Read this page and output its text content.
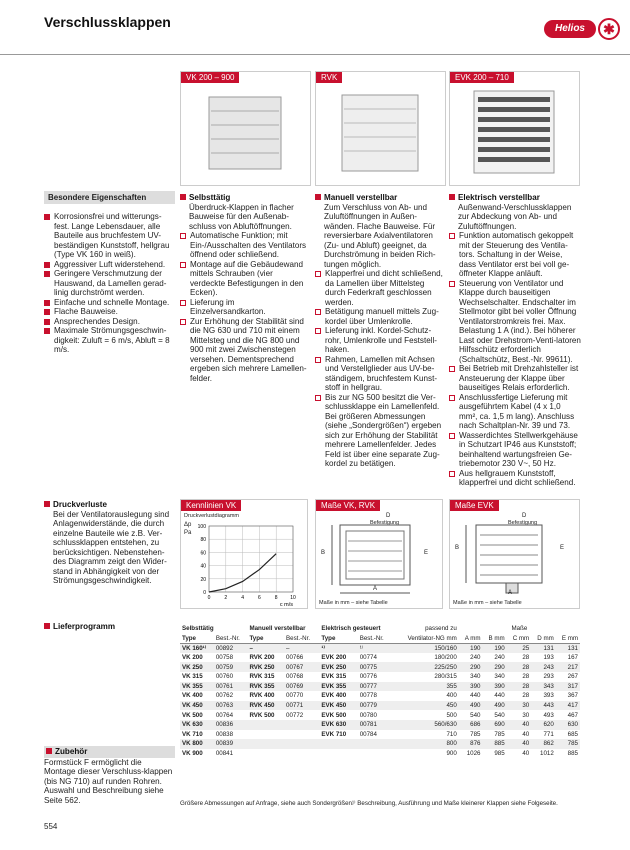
Verschlussklappen	Helios	✱
VK 200 – 900	RVK	EVK 200 – 710
Besondere Eigenschaften
Korrosionsfrei und witterungs-fest. Lange Lebensdauer, alle Bauteile aus bruchfestem UV-beständigen Kunststoff, hellgrau (Type VK 160 in weiß).
Aggressiver Luft widerstehend.
Geringere Verschmutzung der Hauswand, da Lamellen gerad-linig durchströmt werden.
Einfache und schnelle Montage.
Flache Bauweise.
Ansprechendes Design.
Maximale Strömungsgeschwin-digkeit: Zuluft = 6 m/s, Abluft = 8 m/s.
Selbsttätig
Überdruck-Klappen in flacher Bauweise für den Außenab-schluss von Abluftöffnungen.
Automatische Funktion; mit Ein-/Ausschalten des Ventilators öffnend oder schließend.
Montage auf die Gebäudewand mittels Schrauben (vier verdeckte Befestigungen in den Ecken).
Lieferung im Einzelversandkarton.
Zur Erhöhung der Stabilität sind die NG 630 und 710 mit einem Mittelsteg und die NG 800 und 900 mit zwei Zwischenstegen versehen. Dementsprechend ergeben sich mehrere Lamellen-felder.
Manuell verstellbar
Zum Verschluss von Ab- und Zuluftöffnungen in Außen-wänden. Flache Bauweise. Für reversierbare Axialventilatoren (Zu- und Abluft) geeignet, da Durchströmung in beiden Rich-tungen möglich.
Klapperfrei und dicht schließend, da Lamellen über Mittelsteg durch Federkraft geschlossen werden.
Betätigung manuell mittels Zug-kordel über Umlenkrolle.
Lieferung inkl. Kordel-Schutz-rohr, Umlenkrolle und Feststell-haken.
Rahmen, Lamellen mit Achsen und Verstellglieder aus UV-be-ständigem, bruchfestem Kunst-stoff in hellgrau.
Bis zur NG 500 besitzt die Ver-schlussklappe ein Lamellenfeld. Bei größeren Abmessungen (siehe „Sondergrößen“) ergeben sich zur Erhöhung der Stabilität mehrere Lamellenfelder. Jedes Feld ist über eine separate Zug-kordel zu betätigen.
Elektrisch verstellbar
Außenwand-Verschlussklappen zur Abdeckung von Ab- und Zuluftöffnungen.
Funktion automatisch gekoppelt mit der Steuerung des Ventila-tors. Schaltung in der Weise, dass Ventilator erst bei voll ge-öffneter Klappe anläuft.
Steuerung von Ventilator und Klappe durch bauseitigen Wechselschalter. Endschalter im Stellmotor gibt bei voller Öffnung Ventilatorstromkreis frei. Max. Belastung 1 A (ind.). Bei höherer Last oder Drehstrom-Venti-latoren Hilfsschütz erforderlich (Schaltschütz, Best.-Nr. 99611).
Bei Betrieb mit Drehzahlsteller ist Ansteuerung der Klappe über bauseitiges Relais erforderlich.
Anschlussfertige Lieferung mit ausgeführtem Kabel (4 x 1,0 mm², ca. 1,5 m lang). Anschluss nach Schaltplan-Nr. 39 und 73.
Wasserdichtes Stellwerkgehäuse in Schutzart IP46 aus Kunststoff; beinhaltend wartungsfreien Ge-triebemotor 230 V~, 50 Hz.
Aus hellgrauem Kunststoff, klapperfrei und dicht schließend.
Druckverluste
Bei der Ventilatorauslegung sind Anlagenwiderstände, die durch einzelne Bauteile wie z.B. Ver-schlussklappen entstehen, zu berücksichtigen. Nebenstehen-des Diagramm zeigt den Wider-stand in Abhängigkeit von der Strömungsgeschwindigkeit.
Kennlinien VK
Druckverlustdiagramm
Δp
Pa
0
20
40
60
80
100
0	2	4	6	8	10
c m/s
Maße VK, RVK
D
Befestigung
B	E
A
Maße in mm – siehe Tabelle
Maße EVK
D
Befestigung
B	E
A
Maße in mm – siehe Tabelle
Lieferprogramm
Zubehör
Formstück F ermöglicht die Montage dieser Verschluss-klappen (bis NG 710) auf runden Rohren. Auswahl und Beschreibung siehe Seite 562.
Selbsttätig		Manuell verstellbar		Elektrisch gesteuert		passend zu	Maße				
Type	Best.-Nr.	Type	Best.-Nr.	Type	Best.-Nr.	Ventilator-NG mm	A mm	B mm	C mm	D mm	E mm
VK 160¹⁾	00892	–	–	¹⁾	¹⁾	150/160	190	190	25	131	131
VK 200	00758	RVK 200	00766	EVK 200	00774	180/200	240	240	28	193	167
VK 250	00759	RVK 250	00767	EVK 250	00775	225/250	290	290	28	243	217
VK 315	00760	RVK 315	00768	EVK 315	00776	280/315	340	340	28	293	267
VK 355	00761	RVK 355	00769	EVK 355	00777	355	390	390	28	343	317
VK 400	00762	RVK 400	00770	EVK 400	00778	400	440	440	28	393	367
VK 450	00763	RVK 450	00771	EVK 450	00779	450	490	490	30	443	417
VK 500	00764	RVK 500	00772	EVK 500	00780	500	540	540	30	493	467
VK 630	00836			EVK 630	00781	560/630	686	690	40	620	630
VK 710	00838			EVK 710	00784	710	785	785	40	771	685
VK 800	00839					800	876	885	40	862	785
VK 900	00841					900	1026	985	40	1012	885
Größere Abmessungen auf Anfrage, siehe auch Sondergrößen.
¹⁾ Beschreibung, Ausführung und Maße kleinerer Klappen siehe Folgeseite.
554
